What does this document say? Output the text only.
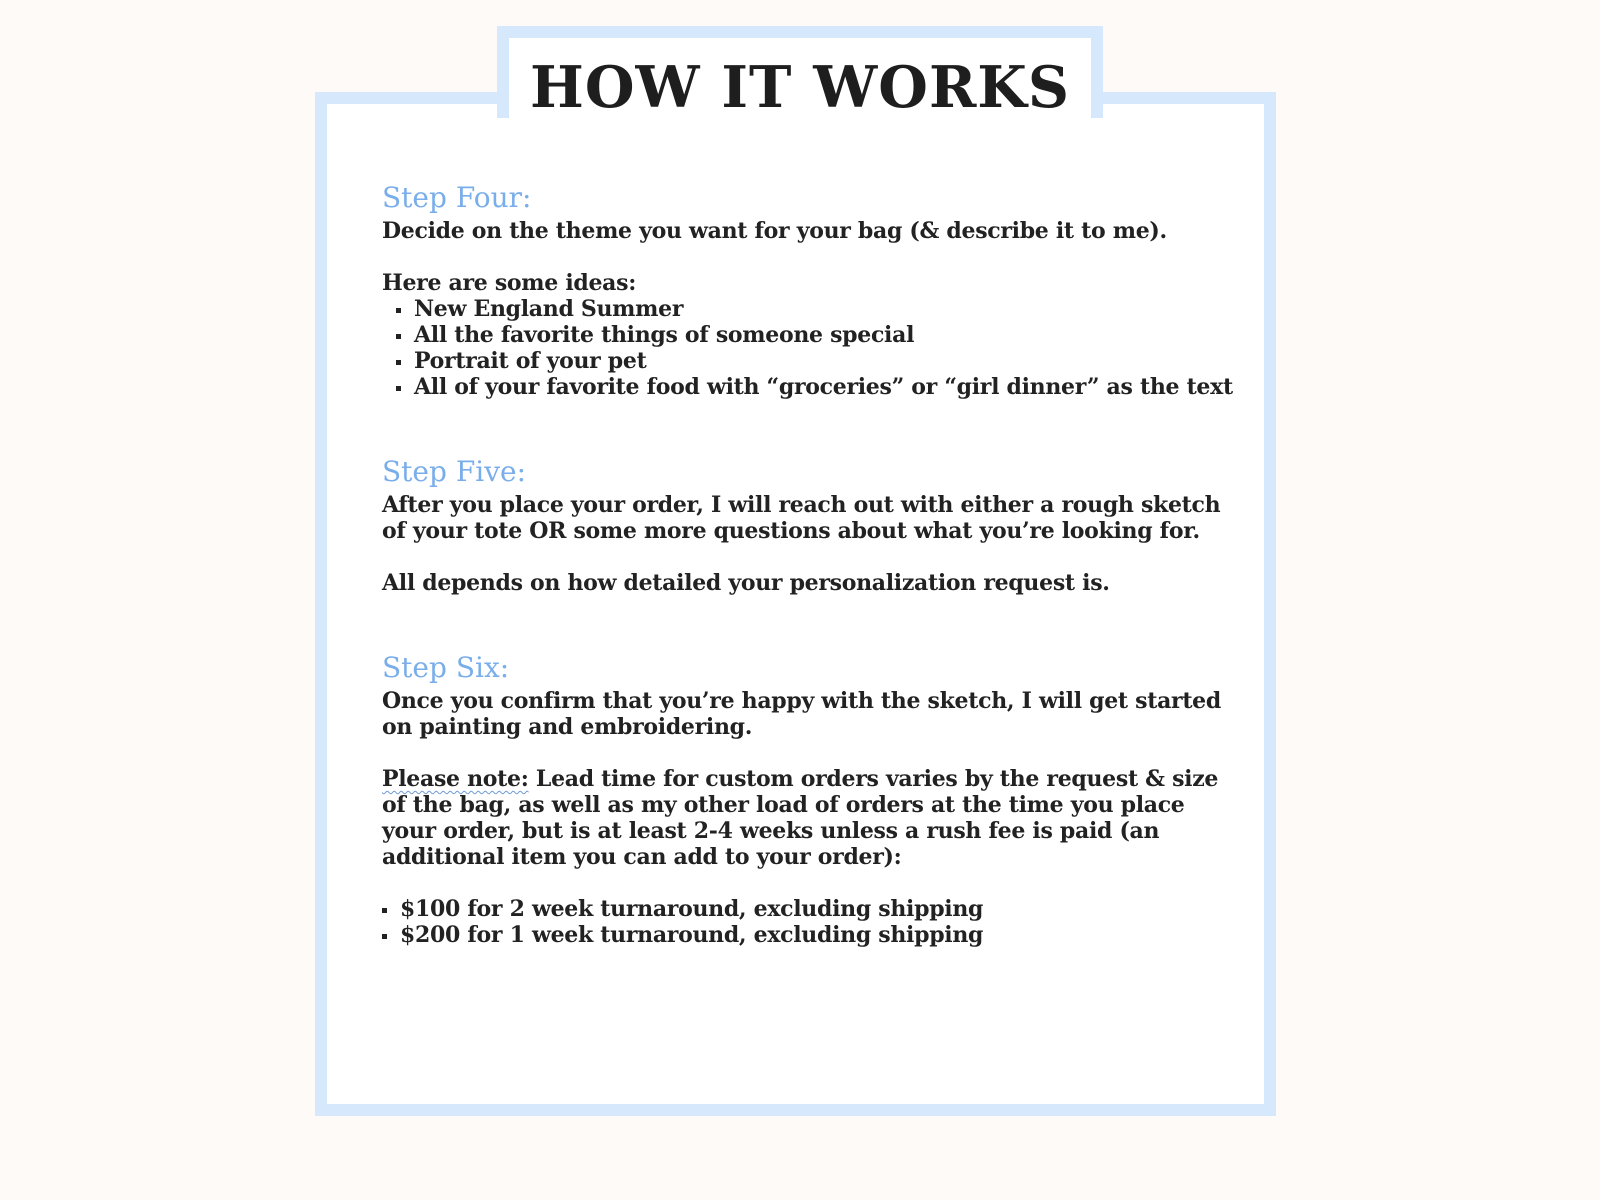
HOW IT WORKS
Step Four:

Decide on the theme you want for your bag (& describe it to me).

Here are some ideas:

New England Summer
All the favorite things of someone special
Portrait of your pet
All of your favorite food with “groceries” or “girl dinner” as the text
Step Five:

After you place your order, I will reach out with either a rough sketch

of your tote OR some more questions about what you’re looking for.

All depends on how detailed your personalization request is.

Step Six:

Once you confirm that you’re happy with the sketch, I will get started

on painting and embroidering.

Please note: Lead time for custom orders varies by the request & size

of the bag, as well as my other load of orders at the time you place

your order, but is at least 2-4 weeks unless a rush fee is paid (an

additional item you can add to your order):

$100 for 2 week turnaround, excluding shipping
$200 for 1 week turnaround, excluding shipping
